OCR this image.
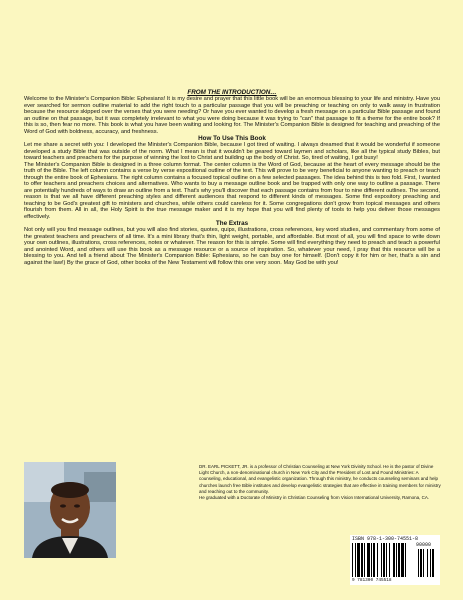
FROM THE INTRODUCTION…

Welcome to the Minister's Companion Bible: Ephesians! It is my desire and prayer that this little book will be an enormous blessing to your life and ministry. Have you ever searched for sermon outline material to add the right touch to a particular passage that you will be preaching or teaching on only to walk away in frustration because the resource skipped over the verses that you were needing? Or have you ever wanted to develop a fresh message on a particular Bible passage and found an outline on that passage, but it was completely irrelevant to what you were doing because it was trying to "can" that passage to fit a theme for the entire book? If this is so, then fear no more. This book is what you have been waiting and looking for. The Minister's Companion Bible is designed for teaching and preaching of the Word of God with boldness, accuracy, and freshness.

How To Use This Book

Let me share a secret with you: I developed the Minister's Companion Bible, because I got tired of waiting. I always dreamed that it would be wonderful if someone developed a study Bible that was outside of the norm. What I mean is that it wouldn't be geared toward laymen and scholars, like all the typical study Bibles, but toward teachers and preachers for the purpose of winning the lost to Christ and building up the body of Christ. So, tired of waiting, I got busy!

The Minister's Companion Bible is designed in a three column format. The center column is the Word of God, because at the heart of every message should be the truth of the Bible. The left column contains a verse by verse expositional outline of the text. This will prove to be very beneficial to anyone wanting to preach or teach through the entire book of Ephesians. The right column contains a focused topical outline on a few selected passages. The idea behind this is two fold. First, I wanted to offer teachers and preachers choices and alternatives. Who wants to buy a message outline book and be trapped with only one way to outline a passage. There are potentially hundreds of ways to draw an outline from a text. That's why you'll discover that each passage contains from four to nine different outlines. The second, reason is that we all have different preaching styles and different audiences that respond to different kinds of messages. Some find expository preaching and teaching to be God's greatest gift to ministers and churches, while others could careless for it. Some congregations don't grow from topical messages and others flourish from them. All in all, the Holy Spirit is the true message maker and it is my hope that you will find plenty of tools to help you deliver those messages effectively.

The Extras

Not only will you find message outlines, but you will also find stories, quotes, quips, illustrations, cross references, key word studies, and commentary from some of the greatest teachers and preachers of all time. It's a mini library that's thin, light weight, portable, and affordable. But most of all, you will find space to write down your own outlines, illustrations, cross references, notes or whatever. The reason for this is simple. Some will find everything they need to preach and teach a powerful and anointed Word, and others will use this book as a message resource or a source of inspiration. So, whatever your need, I pray that this resource will be a blessing to you. And tell a friend about The Minister's Companion Bible: Ephesians, so he can buy one for himself. (Don't copy it for him or her, that's a sin and against the law!) By the grace of God, other books of the New Testament will follow this one very soon. May God be with you!

DR. EARL PICKETT, JR. is a professor of Christian Counseling at New York Divinity School. He is the pastor of Divine Light Church, a non-denominational church in New York City and the President of Lost and Found Ministries: A counseling, educational, and evangelistic organization. Through this ministry, he conducts counseling seminars and help churches launch free Bible institutes and develop evangelistic strategies that are effective in training members for ministry and reaching out to the community.

He graduated with a Doctorate of Ministry in Christian Counseling from Vision International University, Ramona, CA.

ISBN 978-1-300-74551-8
90000
9 781300 745518
